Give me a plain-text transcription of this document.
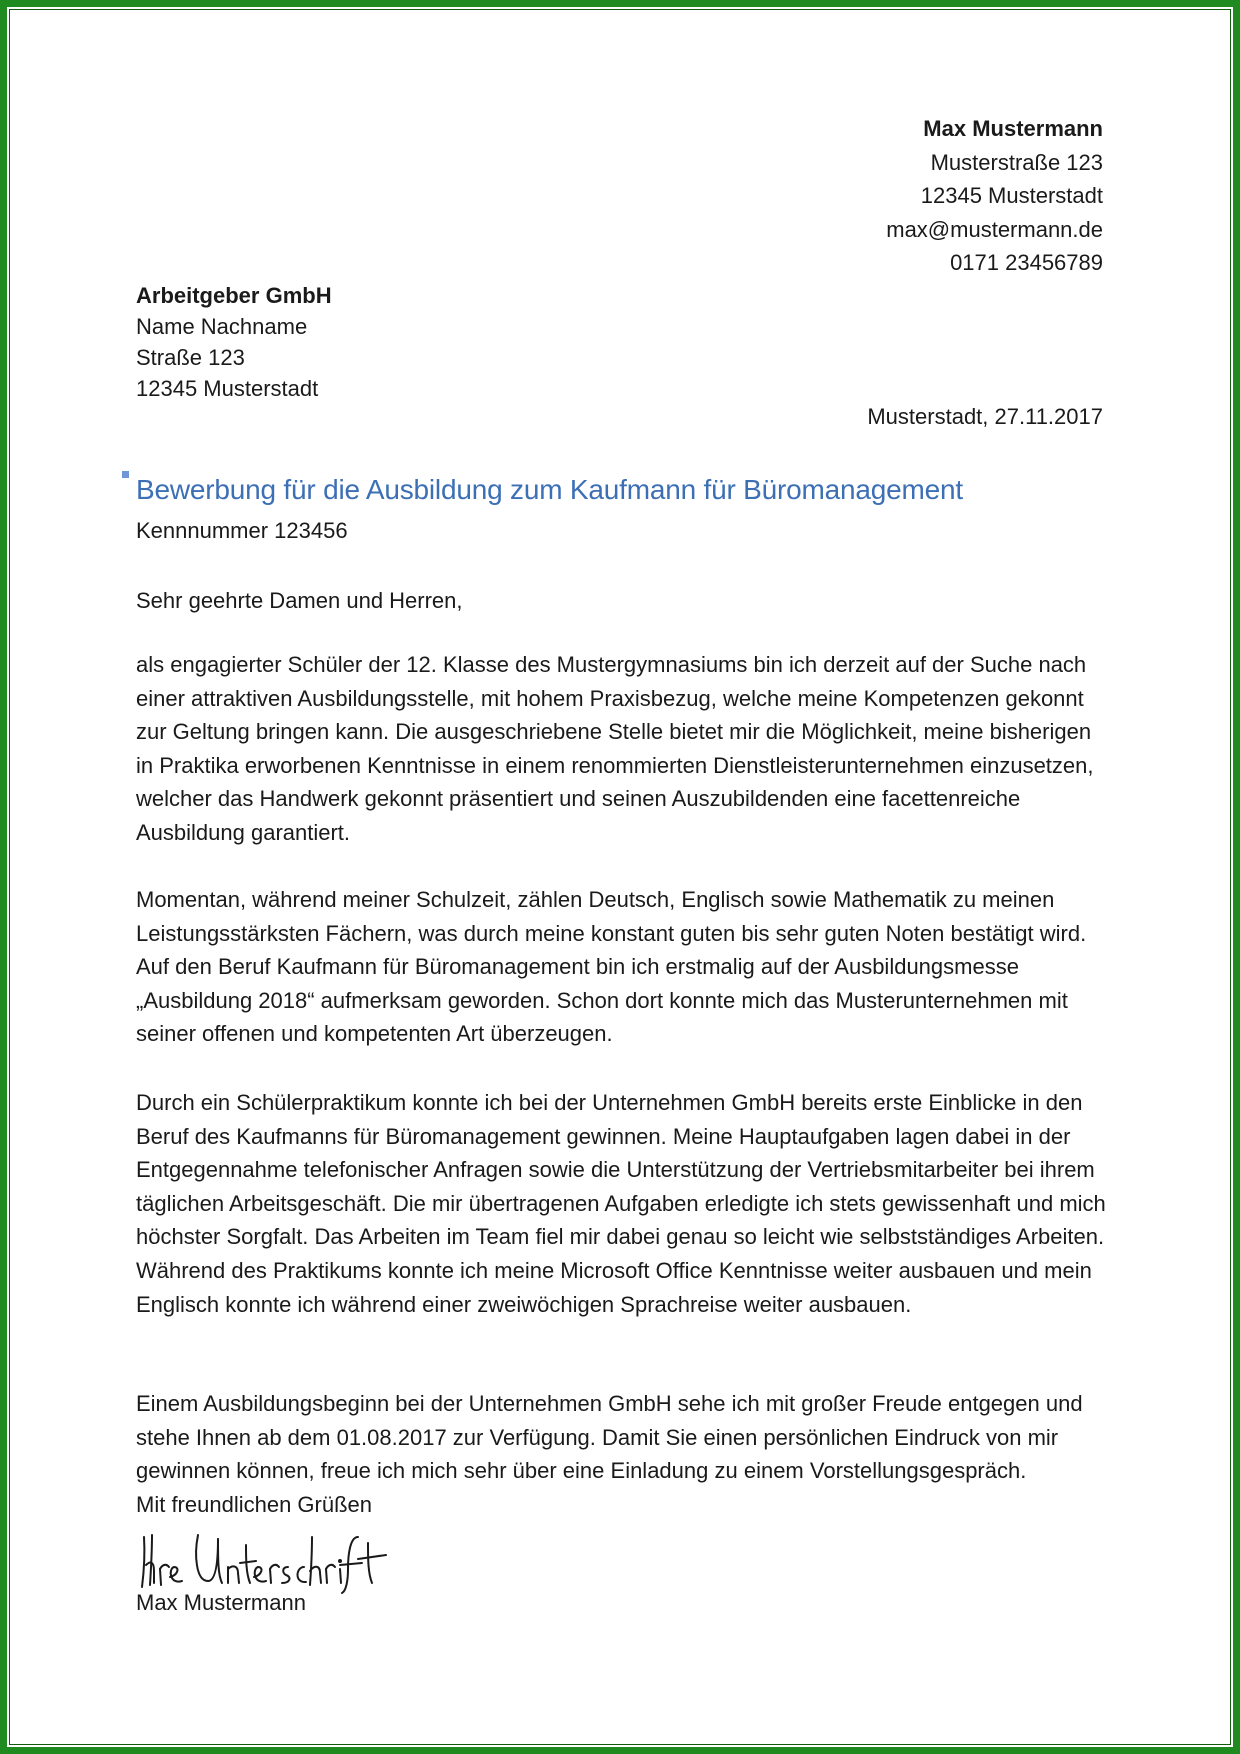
Max Mustermann
Musterstraße 123
12345 Musterstadt
max@mustermann.de
0171 23456789
Arbeitgeber GmbH
Name Nachname
Straße 123
12345 Musterstadt
Musterstadt, 27.11.2017
Bewerbung für die Ausbildung zum Kaufmann für Büromanagement
Kennnummer 123456
Sehr geehrte Damen und Herren,
als engagierter Schüler der 12. Klasse des Mustergymnasiums bin ich derzeit auf der Suche nach einer attraktiven Ausbildungsstelle, mit hohem Praxisbezug, welche meine Kompetenzen gekonnt zur Geltung bringen kann. Die ausgeschriebene Stelle bietet mir die Möglichkeit, meine bisherigen in Praktika erworbenen Kenntnisse in einem renommierten Dienstleisterunternehmen einzusetzen, welcher das Handwerk gekonnt präsentiert und seinen Auszubildenden eine facettenreiche Ausbildung garantiert.
Momentan, während meiner Schulzeit, zählen Deutsch, Englisch sowie Mathematik zu meinen Leistungsstärksten Fächern, was durch meine konstant guten bis sehr guten Noten bestätigt wird. Auf den Beruf Kaufmann für Büromanagement bin ich erstmalig auf der Ausbildungsmesse „Ausbildung 2018“ aufmerksam geworden. Schon dort konnte mich das Musterunternehmen mit seiner offenen und kompetenten Art überzeugen.
Durch ein Schülerpraktikum konnte ich bei der Unternehmen GmbH bereits erste Einblicke in den Beruf des Kaufmanns für Büromanagement gewinnen. Meine Hauptaufgaben lagen dabei in der Entgegennahme telefonischer Anfragen sowie die Unterstützung der Vertriebsmitarbeiter bei ihrem täglichen Arbeitsgeschäft. Die mir übertragenen Aufgaben erledigte ich stets gewissenhaft und mich höchster Sorgfalt. Das Arbeiten im Team fiel mir dabei genau so leicht wie selbstständiges Arbeiten. Während des Praktikums konnte ich meine Microsoft Office Kenntnisse weiter ausbauen und mein Englisch konnte ich während einer zweiwöchigen Sprachreise weiter ausbauen.
Einem Ausbildungsbeginn bei der Unternehmen GmbH sehe ich mit großer Freude entgegen und stehe Ihnen ab dem 01.08.2017 zur Verfügung. Damit Sie einen persönlichen Eindruck von mir gewinnen können, freue ich mich sehr über eine Einladung zu einem Vorstellungsgespräch.
Mit freundlichen Grüßen
Max Mustermann
